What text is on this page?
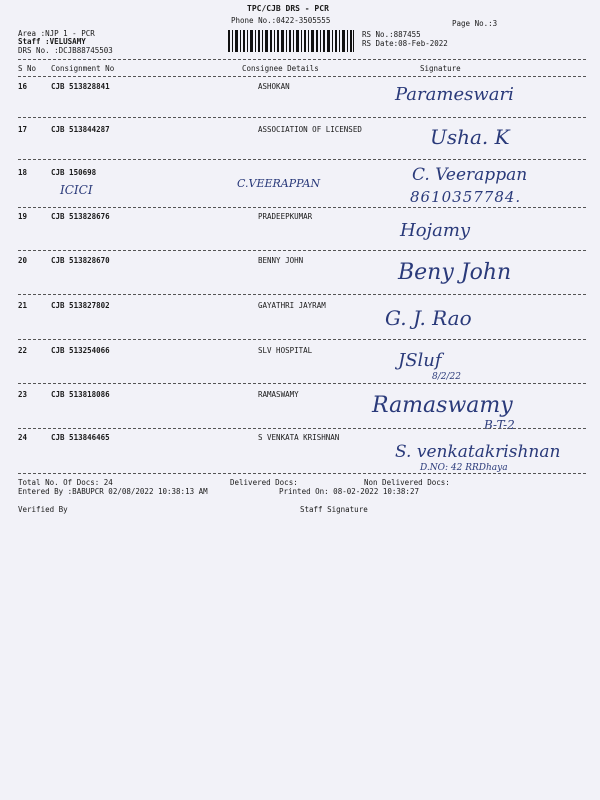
TPC/CJB DRS - PCR
Phone No.:0422-3505555	Page No.:3
Area :NJP 1 - PCR
Staff :VELUSAMY
DRS No. :DCJB88745503
RS No.:887455
RS Date:08-Feb-2022
S No Consignment No	Consignee Details	Signature
16	CJB 513828841	ASHOKAN	Parameswari
17	CJB 513844287	ASSOCIATION OF LICENSED	Usha. K
18	CJB 150698
ICICI	C.VEERAPPAN	C. Veerappan
8610357784.
19	CJB 513828676	PRADEEPKUMAR
Hojamy
20	CJB 513828670	BENNY JOHN	Beny John
21	CJB 513827802	GAYATHRI JAYRAM
G. J. Rao
22	CJB 513254066	SLV HOSPITAL	JSluf
8/2/22
23	CJB 513818086	RAMASWAMY	Ramaswamy
B-T-2
24	CJB 513846465	S VENKATA KRISHNAN
S. venkatakrishnan
D.NO: 42 RRDhaya
Total No. Of Docs: 24	Delivered Docs:	Non Delivered Docs:
Entered By :BABUPCR 02/08/2022 10:38:13 AM	Printed On: 08-02-2022 10:38:27
Verified By	Staff Signature
